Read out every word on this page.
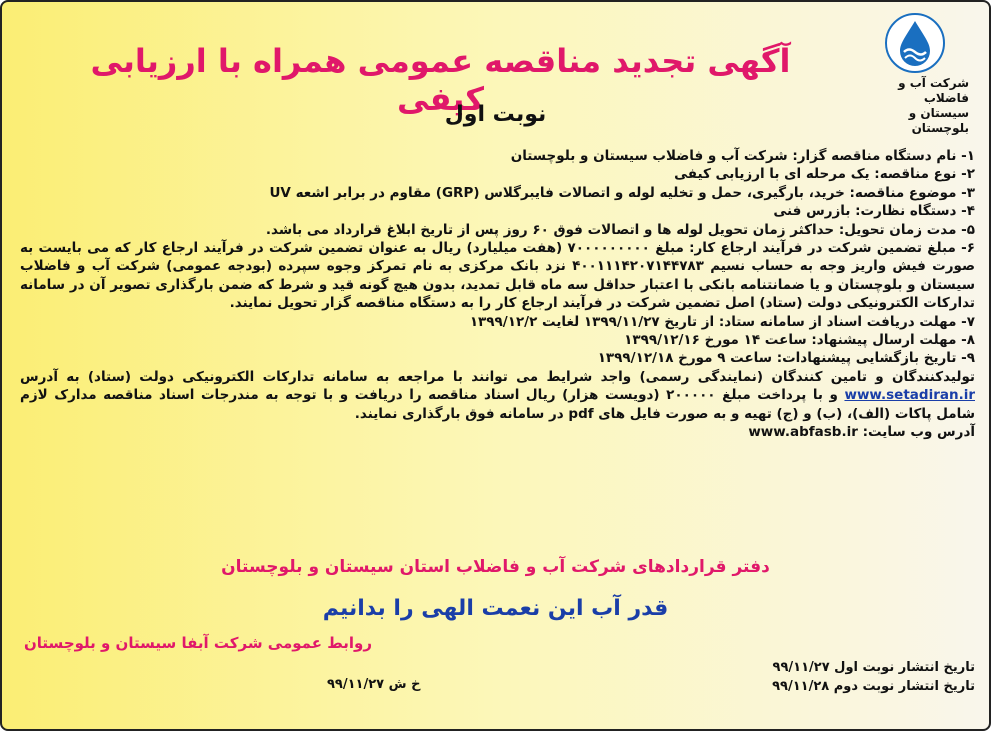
شرکت آب و فاضلاب
سیستان و بلوچستان
آگهی تجدید مناقصه عمومی همراه با ارزیابی کیفی
نوبت اول

۱- نام دستگاه مناقصه گزار: شرکت آب و فاضلاب سیستان و بلوچستان

۲- نوع مناقصه: یک مرحله ای با ارزیابی کیفی

۳- موضوع مناقصه: خرید، بارگیری، حمل و تخلیه لوله و اتصالات فایبرگلاس (GRP) مقاوم در برابر اشعه UV

۴- دستگاه نظارت: بازرس فنی

۵- مدت زمان تحویل: حداکثر زمان تحویل لوله ها و اتصالات فوق ۶۰ روز پس از تاریخ ابلاغ قرارداد می باشد.

۶- مبلغ تضمین شرکت در فرآیند ارجاع کار: مبلغ ۷۰۰۰۰۰۰۰۰۰ (هفت میلیارد) ریال به عنوان تضمین شرکت در فرآیند ارجاع کار که می بایست به صورت فیش واریز وجه به حساب نسیم ۴۰۰۱۱۱۴۲۰۷۱۴۴۷۸۳ نزد بانک مرکزی به نام تمرکز وجوه سپرده (بودجه عمومی) شرکت آب و فاضلاب سیستان و بلوچستان و یا ضمانتنامه بانکی با اعتبار حداقل سه ماه قابل تمدید، بدون هیچ گونه قید و شرط که ضمن بارگذاری تصویر آن در سامانه تدارکات الکترونیکی دولت (ستاد) اصل تضمین شرکت در فرآیند ارجاع کار را به دستگاه مناقصه گزار تحویل نمایند.

۷- مهلت دریافت اسناد از سامانه ستاد: از تاریخ ۱۳۹۹/۱۱/۲۷ لغایت ۱۳۹۹/۱۲/۲

۸- مهلت ارسال پیشنهاد: ساعت ۱۴ مورخ ۱۳۹۹/۱۲/۱۶

۹- تاریخ بازگشایی پیشنهادات: ساعت ۹ مورخ ۱۳۹۹/۱۲/۱۸

تولیدکنندگان و تامین کنندگان (نمایندگی رسمی) واجد شرایط می توانند با مراجعه به سامانه تدارکات الکترونیکی دولت (ستاد) به آدرس www.setadiran.ir و با پرداخت مبلغ ۲۰۰۰۰۰ (دویست هزار) ریال اسناد مناقصه را دریافت و با توجه به مندرجات اسناد مناقصه مدارک لازم شامل پاکات (الف)، (ب) و (ج) تهیه و به صورت فایل های pdf در سامانه فوق بارگذاری نمایند.

آدرس وب سایت: www.abfasb.ir

دفتر قراردادهای شرکت آب و فاضلاب استان سیستان و بلوچستان
قدر آب این نعمت الهی را بدانیم
روابط عمومی شرکت آبفا سیستان و بلوچستان
تاریخ انتشار نوبت اول ۹۹/۱۱/۲۷
تاریخ انتشار نوبت دوم ۹۹/۱۱/۲۸
خ ش ۹۹/۱۱/۲۷
